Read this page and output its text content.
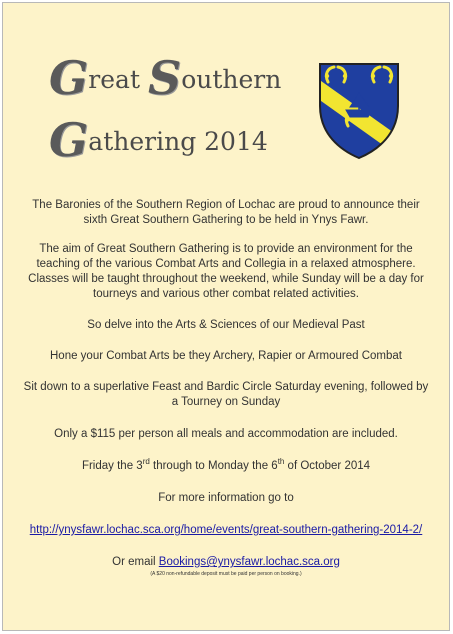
Great Southern
Gathering 2014

The Baronies of the Southern Region of Lochac are proud to announce their sixth Great Southern Gathering to be held in Ynys Fawr.

The aim of Great Southern Gathering is to provide an environment for the teaching of the various Combat Arts and Collegia in a relaxed atmosphere. Classes will be taught throughout the weekend, while Sunday will be a day for tourneys and various other combat related activities.

So delve into the Arts & Sciences of our Medieval Past

Hone your Combat Arts be they Archery, Rapier or Armoured Combat

Sit down to a superlative Feast and Bardic Circle Saturday evening, followed by a Tourney on Sunday

Only a $115 per person all meals and accommodation are included.

Friday the 3rd through to Monday the 6th of October 2014

For more information go to

http://ynysfawr.lochac.sca.org/home/events/great-southern-gathering-2014-2/

Or email Bookings@ynysfawr.lochac.sca.org

(A $20 non-refundable deposit must be paid per person on booking.)
